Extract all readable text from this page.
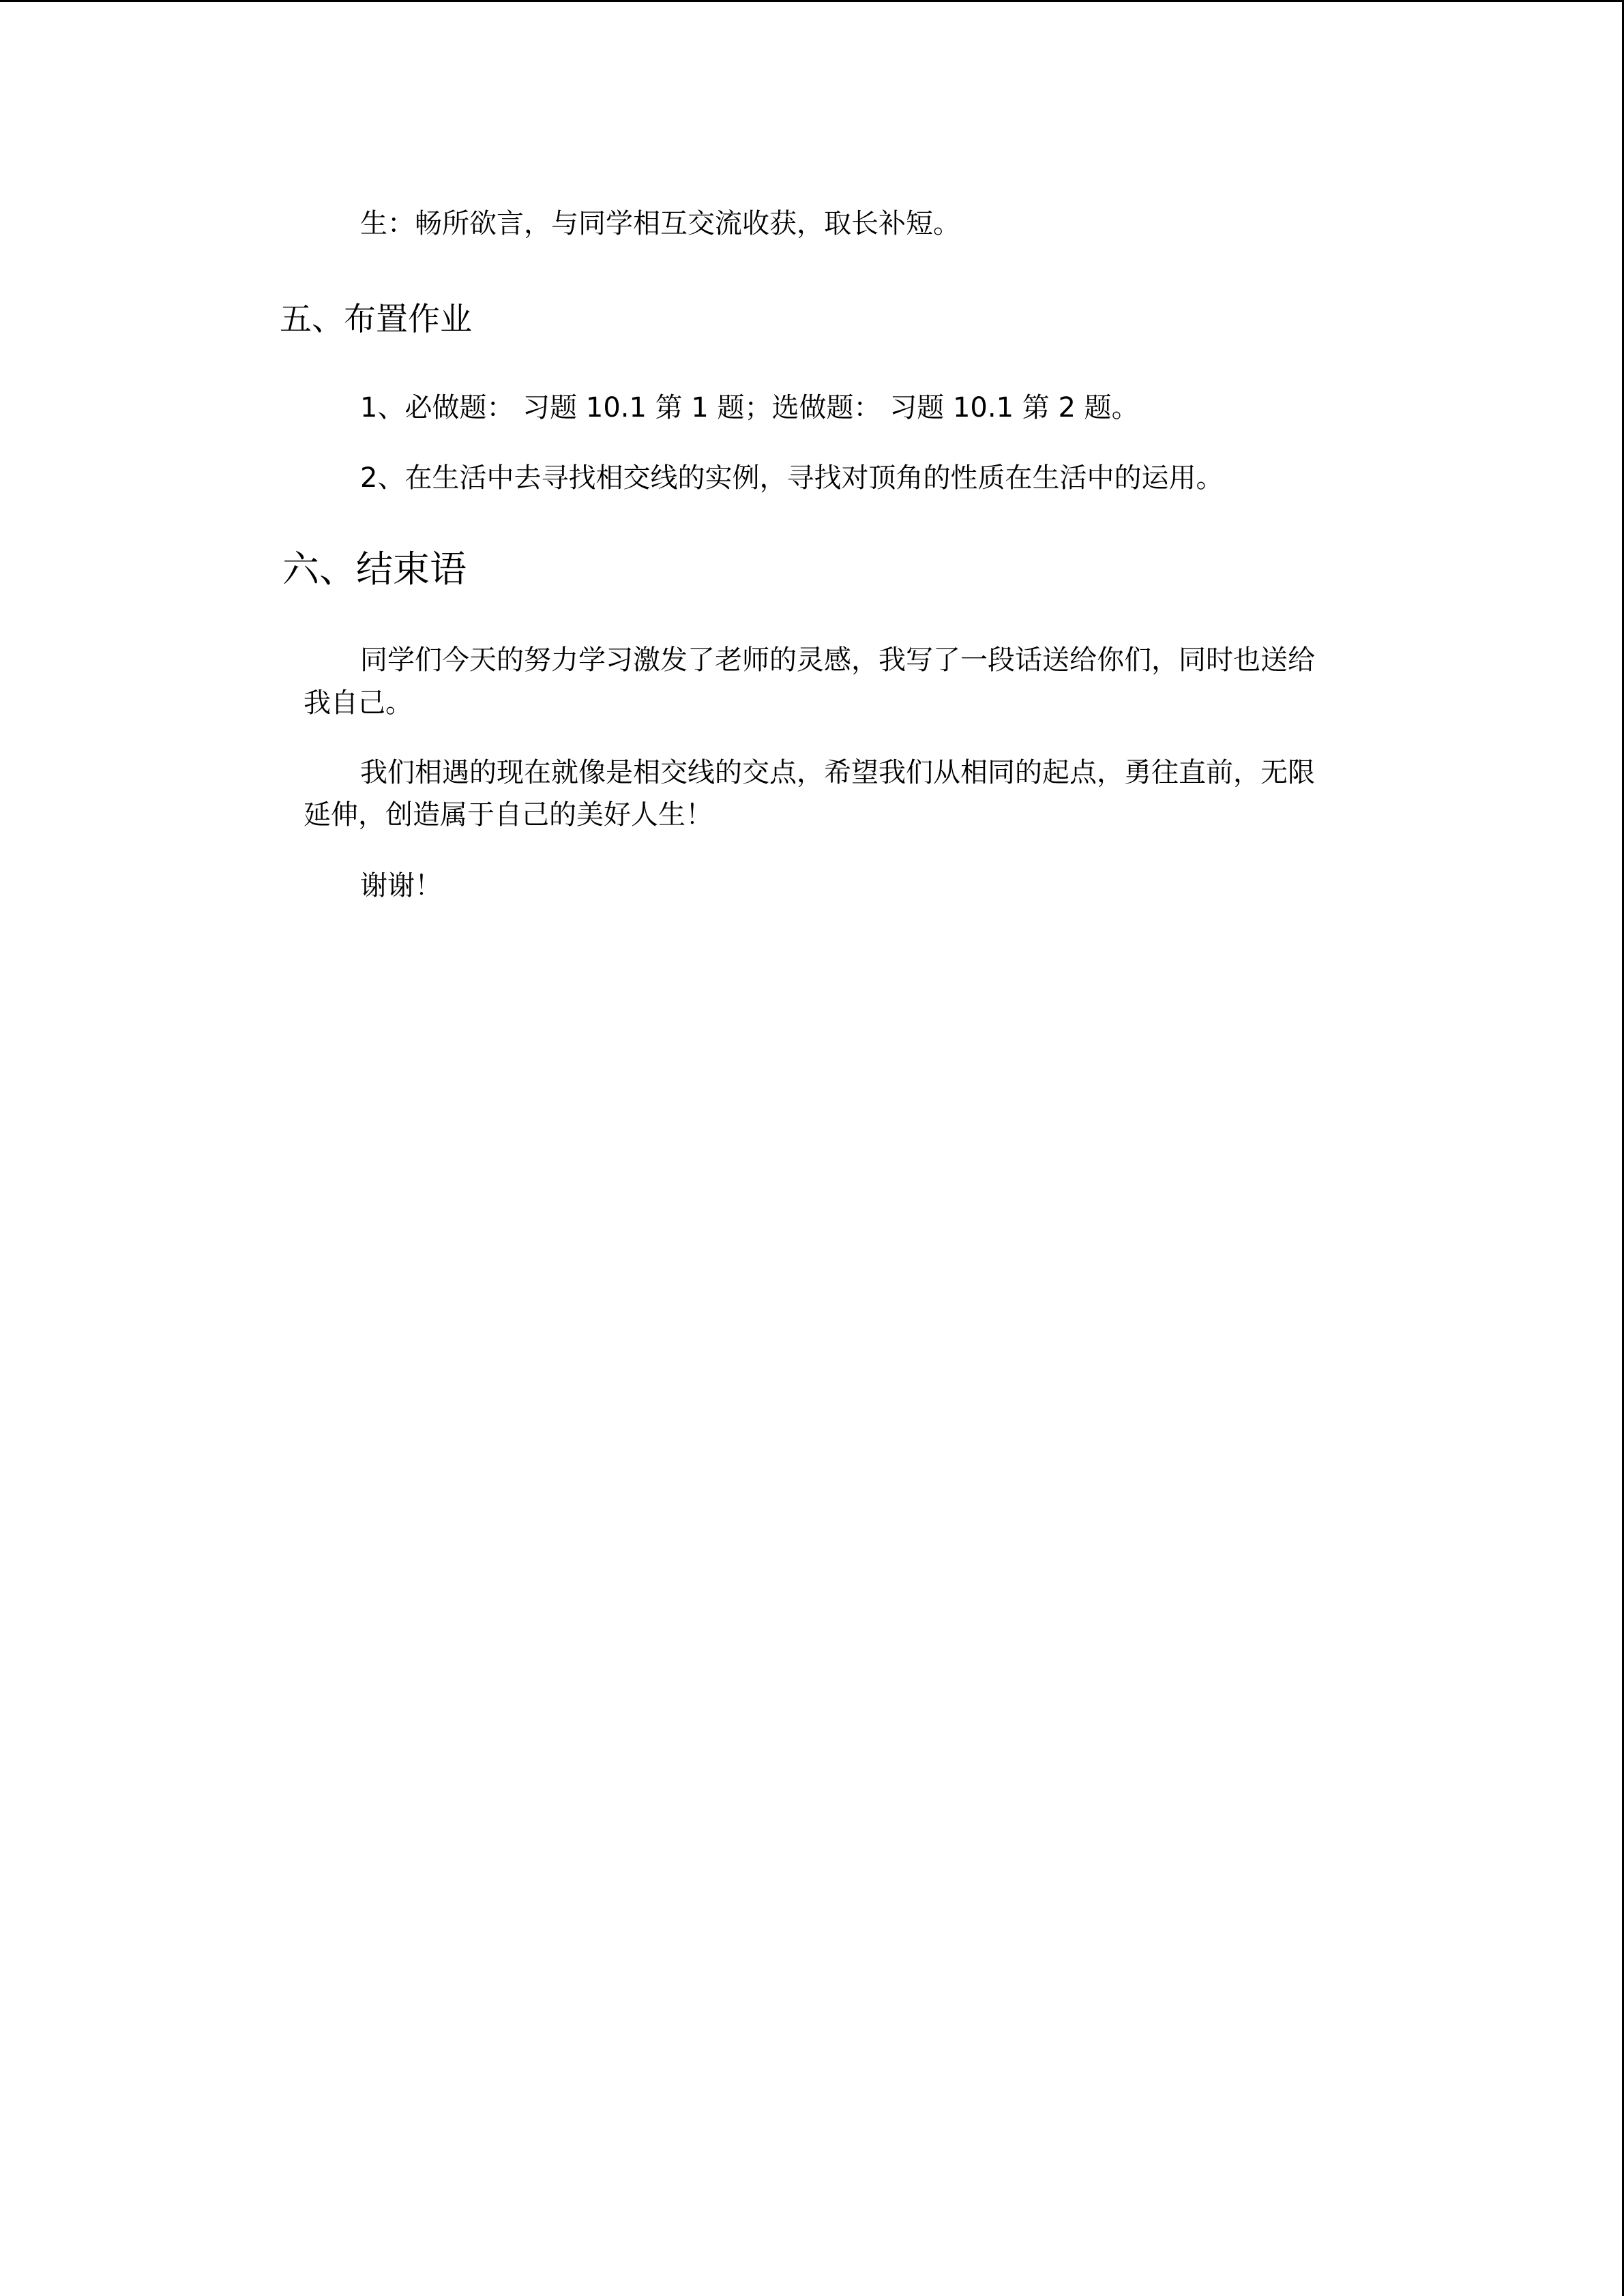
生：畅所欲言，与同学相互交流收获，取长补短。
五、布置作业
1、必做题： 习题 10.1 第 1 题；选做题： 习题 10.1 第 2 题。
2、在生活中去寻找相交线的实例，寻找对顶角的性质在生活中的运用。
六、结束语
同学们今天的努力学习激发了老师的灵感，我写了一段话送给你们，同时也送给
我自己。
我们相遇的现在就像是相交线的交点，希望我们从相同的起点，勇往直前，无限
延伸，创造属于自己的美好人生！
谢谢！
